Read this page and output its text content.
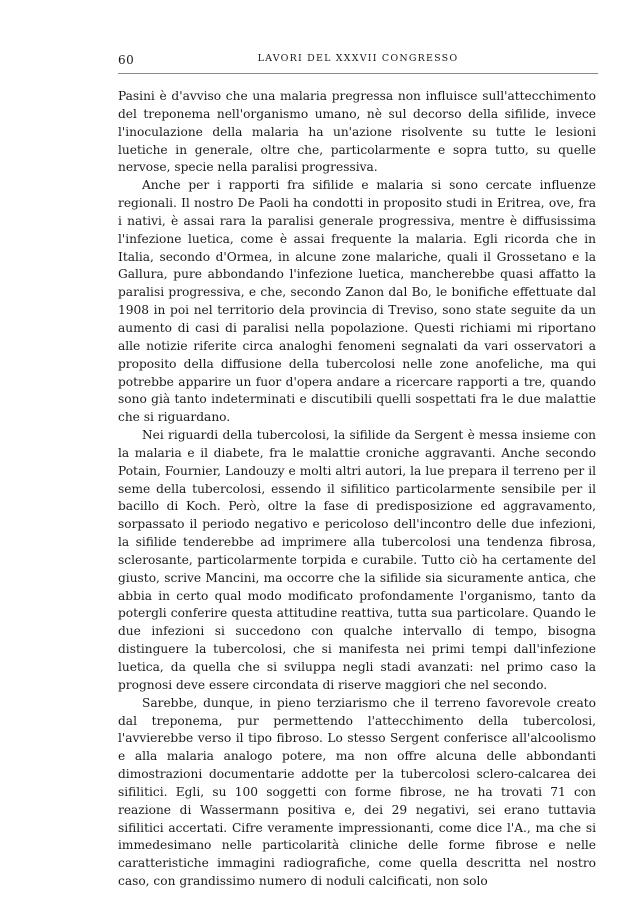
60	LAVORI DEL XXXVII CONGRESSO

Pasini è d'avviso che una malaria pregressa non influisce sull'attecchimento del treponema nell'organismo umano, nè sul decorso della sifilide, invece l'inoculazione della malaria ha un'azione risolvente su tutte le lesioni luetiche in generale, oltre che, particolarmente e sopra tutto, su quelle nervose, specie nella paralisi progressiva.

Anche per i rapporti fra sifilide e malaria si sono cercate influenze regionali. Il nostro De Paoli ha condotti in proposito studi in Eritrea, ove, fra i nativi, è assai rara la paralisi generale progressiva, mentre è diffusissima l'infezione luetica, come è assai frequente la malaria. Egli ricorda che in Italia, secondo d'Ormea, in alcune zone malariche, quali il Grossetano e la Gallura, pure abbondando l'infezione luetica, mancherebbe quasi affatto la paralisi progressiva, e che, secondo Zanon dal Bo, le bonifiche effettuate dal 1908 in poi nel territorio dela provincia di Treviso, sono state seguite da un aumento di casi di paralisi nella popolazione. Questi richiami mi riportano alle notizie riferite circa analoghi fenomeni segnalati da vari osservatori a proposito della diffusione della tubercolosi nelle zone anofeliche, ma qui potrebbe apparire un fuor d'opera andare a ricercare rapporti a tre, quando sono già tanto indeterminati e discutibili quelli sospettati fra le due malattie che si riguardano.

Nei riguardi della tubercolosi, la sifilide da Sergent è messa insieme con la malaria e il diabete, fra le malattie croniche aggravanti. Anche secondo Potain, Fournier, Landouzy e molti altri autori, la lue prepara il terreno per il seme della tubercolosi, essendo il sifilitico particolarmente sensibile per il bacillo di Koch. Però, oltre la fase di predisposizione ed aggravamento, sorpassato il periodo negativo e pericoloso dell'incontro delle due infezioni, la sifilide tenderebbe ad imprimere alla tubercolosi una tendenza fibrosa, sclerosante, particolarmente torpida e curabile. Tutto ciò ha certamente del giusto, scrive Mancini, ma occorre che la sifilide sia sicuramente antica, che abbia in certo qual modo modificato profondamente l'organismo, tanto da potergli conferire questa attitudine reattiva, tutta sua particolare. Quando le due infezioni si succedono con qualche intervallo di tempo, bisogna distinguere la tubercolosi, che si manifesta nei primi tempi dall'infezione luetica, da quella che si sviluppa negli stadi avanzati: nel primo caso la prognosi deve essere circondata di riserve maggiori che nel secondo.

Sarebbe, dunque, in pieno terziarismo che il terreno favorevole creato dal treponema, pur permettendo l'attecchimento della tubercolosi, l'avvierebbe verso il tipo fibroso. Lo stesso Sergent conferisce all'alcoolismo e alla malaria analogo potere, ma non offre alcuna delle abbondanti dimostrazioni documentarie addotte per la tubercolosi sclero-calcarea dei sifilitici. Egli, su 100 soggetti con forme fibrose, ne ha trovati 71 con reazione di Wassermann positiva e, dei 29 negativi, sei erano tuttavia sifilitici accertati. Cifre veramente impressionanti, come dice l'A., ma che si immedesimano nelle particolarità cliniche delle forme fibrose e nelle caratteristiche immagini radiografiche, come quella descritta nel nostro caso, con grandissimo numero di noduli calcificati, non solo
